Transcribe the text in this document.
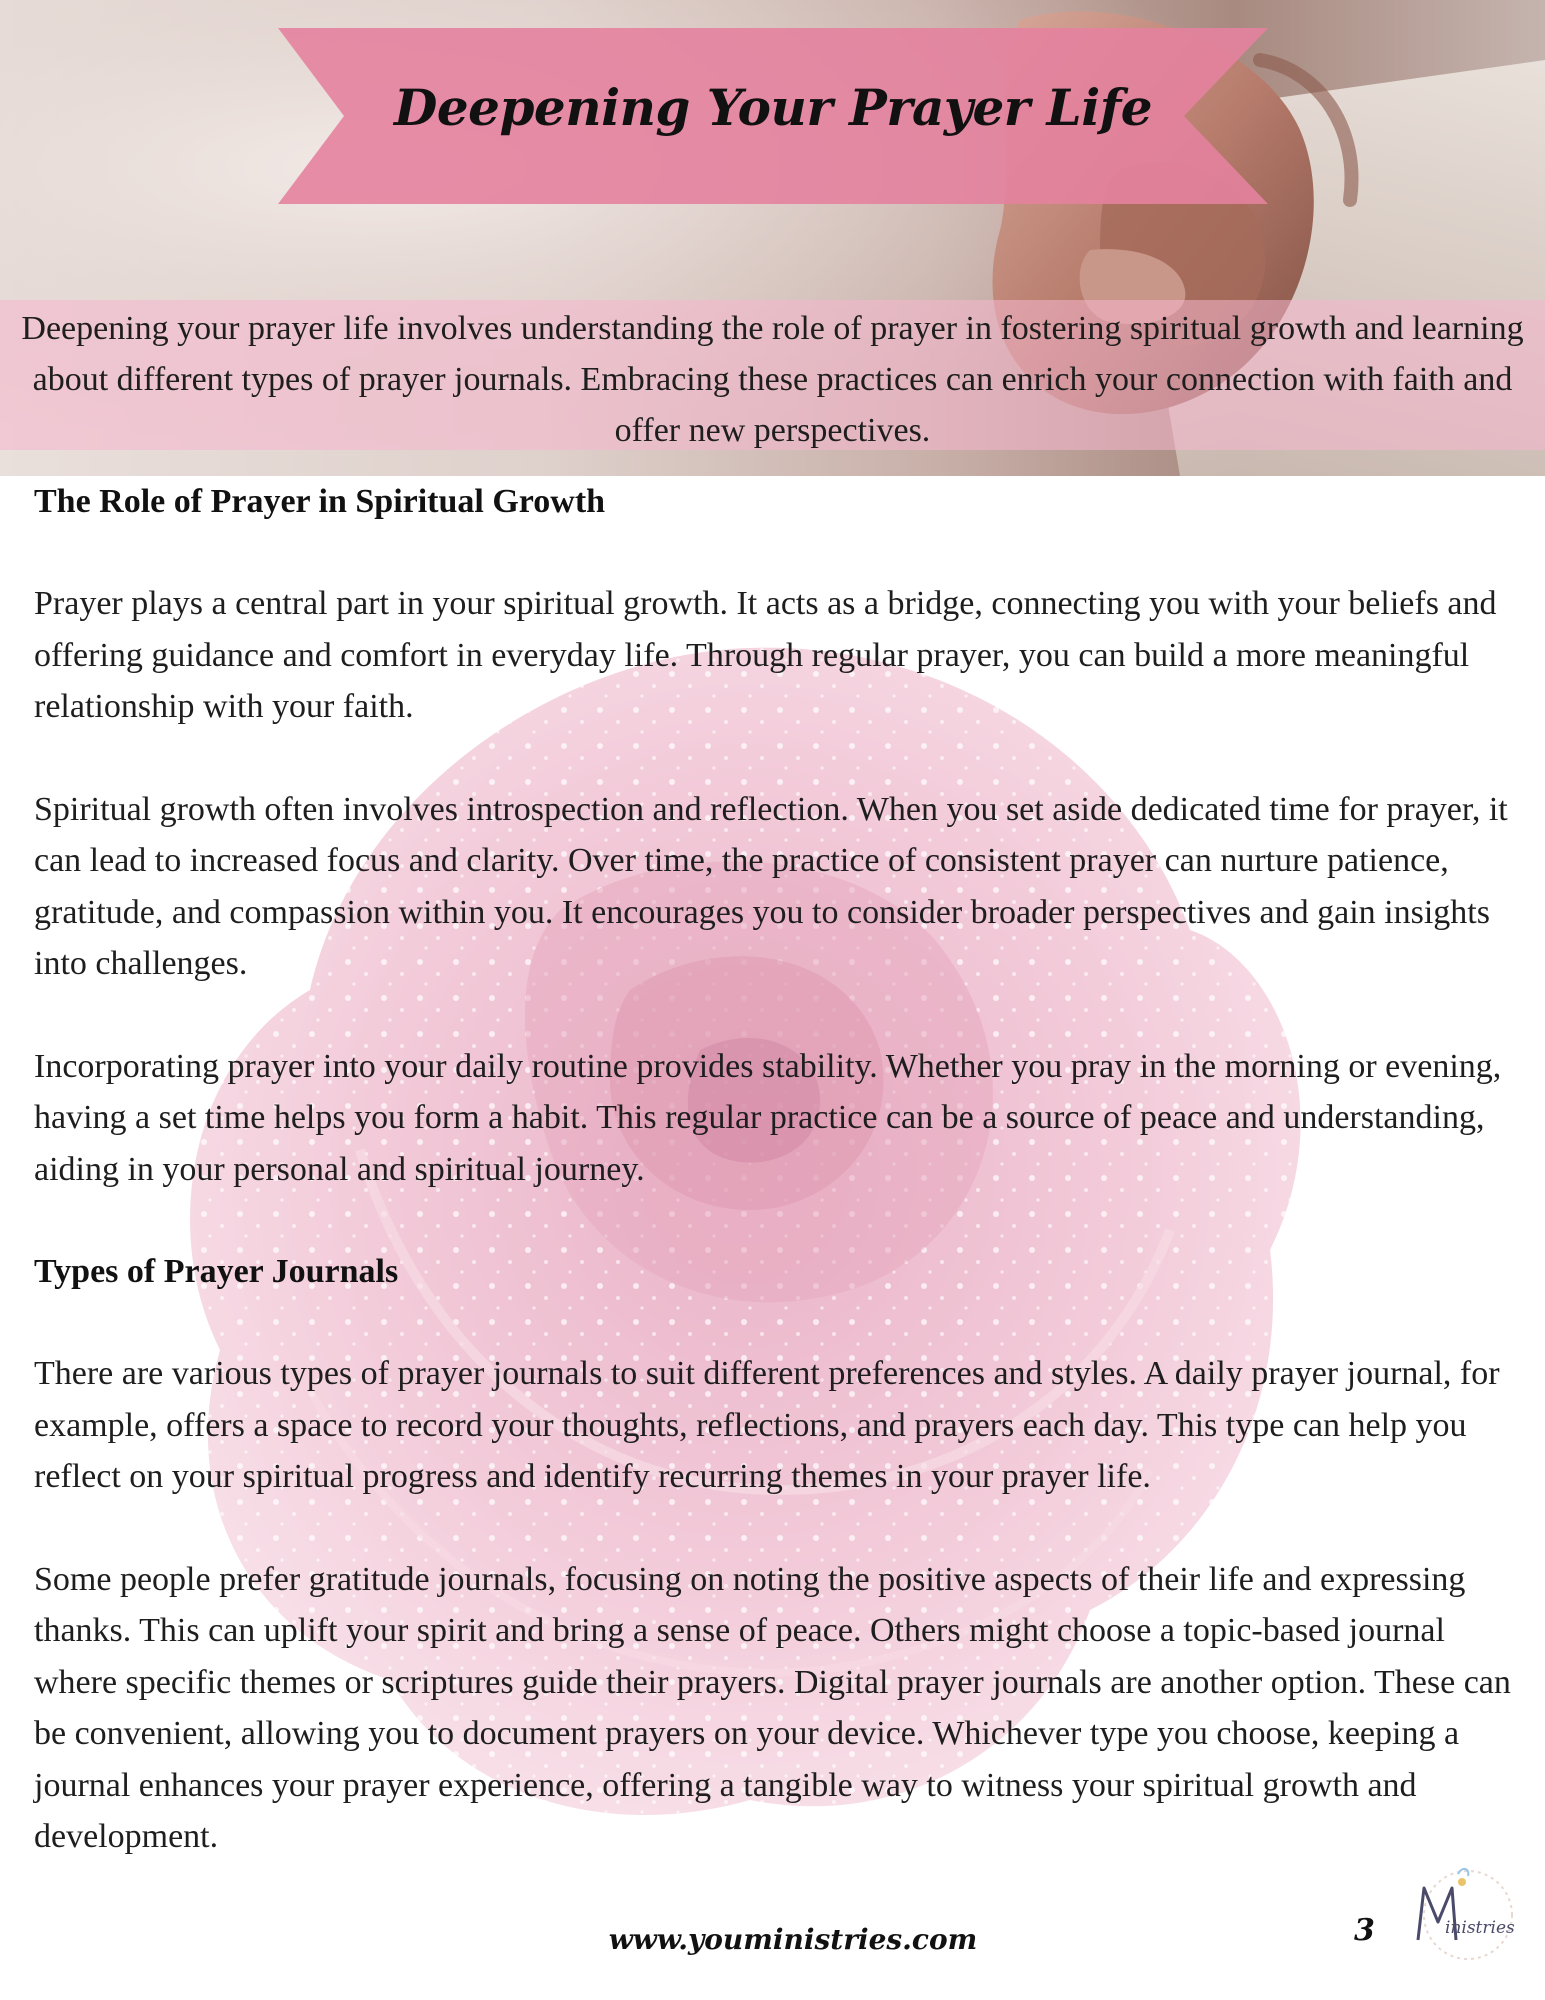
Deepening Your Prayer Life

Deepening your prayer life involves understanding the role of prayer in fostering spiritual growth and learning about different types of prayer journals. Embracing these practices can enrich your connection with faith and offer new perspectives.

The Role of Prayer in Spiritual Growth

Prayer plays a central part in your spiritual growth. It acts as a bridge, connecting you with your beliefs and offering guidance and comfort in everyday life. Through regular prayer, you can build a more meaningful relationship with your faith.

Spiritual growth often involves introspection and reflection. When you set aside dedicated time for prayer, it can lead to increased focus and clarity. Over time, the practice of consistent prayer can nurture patience, gratitude, and compassion within you. It encourages you to consider broader perspectives and gain insights into challenges.

Incorporating prayer into your daily routine provides stability. Whether you pray in the morning or evening, having a set time helps you form a habit. This regular practice can be a source of peace and understanding, aiding in your personal and spiritual journey.

Types of Prayer Journals

There are various types of prayer journals to suit different preferences and styles. A daily prayer journal, for example, offers a space to record your thoughts, reflections, and prayers each day. This type can help you reflect on your spiritual progress and identify recurring themes in your prayer life.

Some people prefer gratitude journals, focusing on noting the positive aspects of their life and expressing thanks. This can uplift your spirit and bring a sense of peace. Others might choose a topic-based journal where specific themes or scriptures guide their prayers. Digital prayer journals are another option. These can be convenient, allowing you to document prayers on your device. Whichever type you choose, keeping a journal enhances your prayer experience, offering a tangible way to witness your spiritual growth and development.

www.youministries.com	3	inistries
